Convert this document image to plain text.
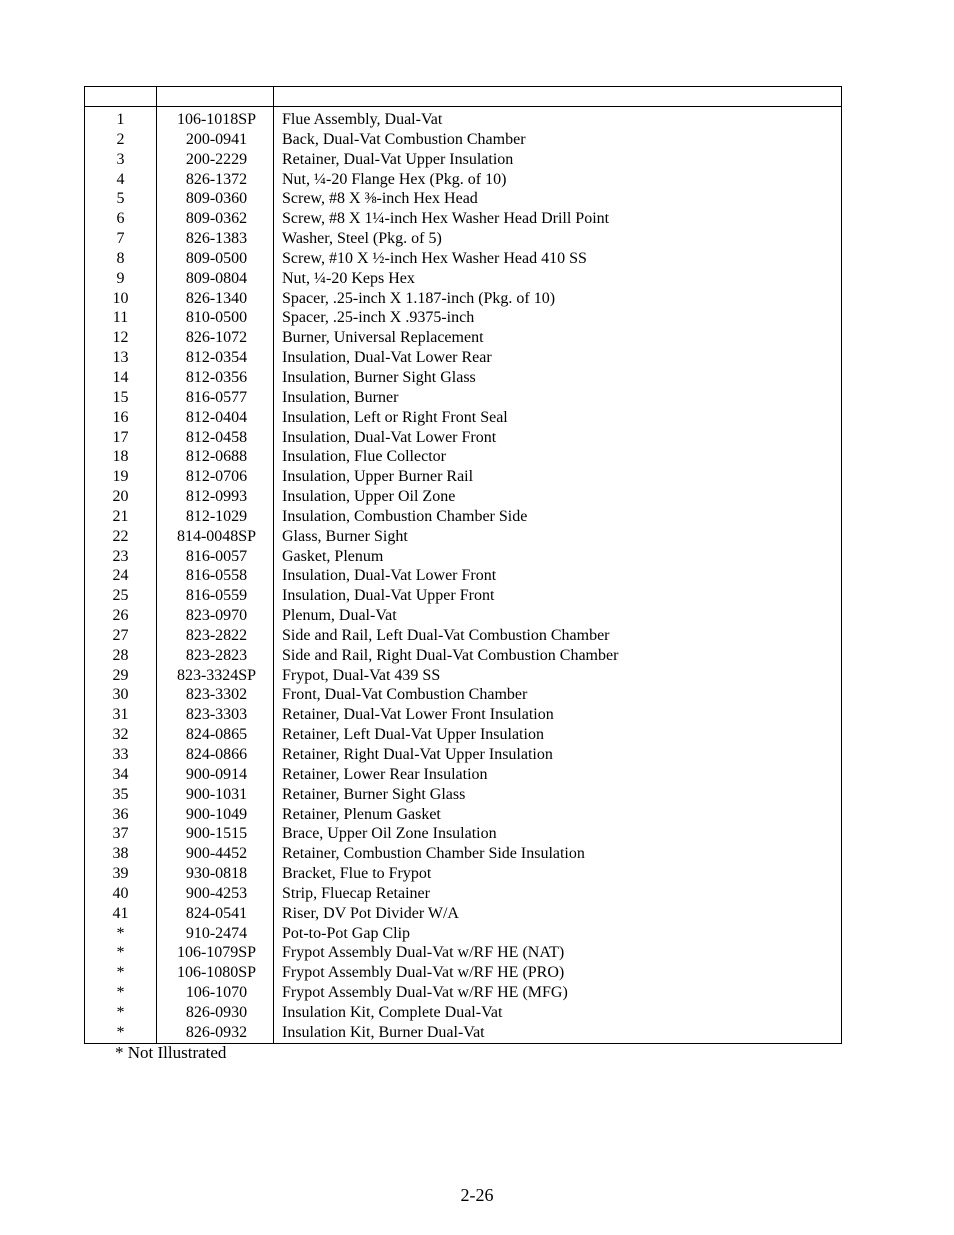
1	106-1018SP	Flue Assembly, Dual-Vat
2	200-0941	Back, Dual-Vat Combustion Chamber
3	200-2229	Retainer, Dual-Vat Upper Insulation
4	826-1372	Nut, ¼-20 Flange Hex (Pkg. of 10)
5	809-0360	Screw, #8 X ⅜-inch Hex Head
6	809-0362	Screw, #8 X 1¼-inch Hex Washer Head Drill Point
7	826-1383	Washer, Steel (Pkg. of 5)
8	809-0500	Screw, #10 X ½-inch Hex Washer Head 410 SS
9	809-0804	Nut, ¼-20 Keps Hex
10	826-1340	Spacer, .25-inch X 1.187-inch (Pkg. of 10)
11	810-0500	Spacer, .25-inch X .9375-inch
12	826-1072	Burner, Universal Replacement
13	812-0354	Insulation, Dual-Vat Lower Rear
14	812-0356	Insulation, Burner Sight Glass
15	816-0577	Insulation, Burner
16	812-0404	Insulation, Left or Right Front Seal
17	812-0458	Insulation, Dual-Vat Lower Front
18	812-0688	Insulation, Flue Collector
19	812-0706	Insulation, Upper Burner Rail
20	812-0993	Insulation, Upper Oil Zone
21	812-1029	Insulation, Combustion Chamber Side
22	814-0048SP	Glass, Burner Sight
23	816-0057	Gasket, Plenum
24	816-0558	Insulation, Dual-Vat Lower Front
25	816-0559	Insulation, Dual-Vat Upper Front
26	823-0970	Plenum, Dual-Vat
27	823-2822	Side and Rail, Left Dual-Vat Combustion Chamber
28	823-2823	Side and Rail, Right Dual-Vat Combustion Chamber
29	823-3324SP	Frypot, Dual-Vat 439 SS
30	823-3302	Front, Dual-Vat Combustion Chamber
31	823-3303	Retainer, Dual-Vat Lower Front Insulation
32	824-0865	Retainer, Left Dual-Vat Upper Insulation
33	824-0866	Retainer, Right Dual-Vat Upper Insulation
34	900-0914	Retainer, Lower Rear Insulation
35	900-1031	Retainer, Burner Sight Glass
36	900-1049	Retainer, Plenum Gasket
37	900-1515	Brace, Upper Oil Zone Insulation
38	900-4452	Retainer, Combustion Chamber Side Insulation
39	930-0818	Bracket, Flue to Frypot
40	900-4253	Strip, Fluecap Retainer
41	824-0541	Riser, DV Pot Divider W/A
*	910-2474	Pot-to-Pot Gap Clip
*	106-1079SP	Frypot Assembly Dual-Vat w/RF HE (NAT)
*	106-1080SP	Frypot Assembly Dual-Vat w/RF HE (PRO)
*	106-1070	Frypot Assembly Dual-Vat w/RF HE (MFG)
*	826-0930	Insulation Kit, Complete Dual-Vat
*	826-0932	Insulation Kit, Burner Dual-Vat
* Not Illustrated
2-26
